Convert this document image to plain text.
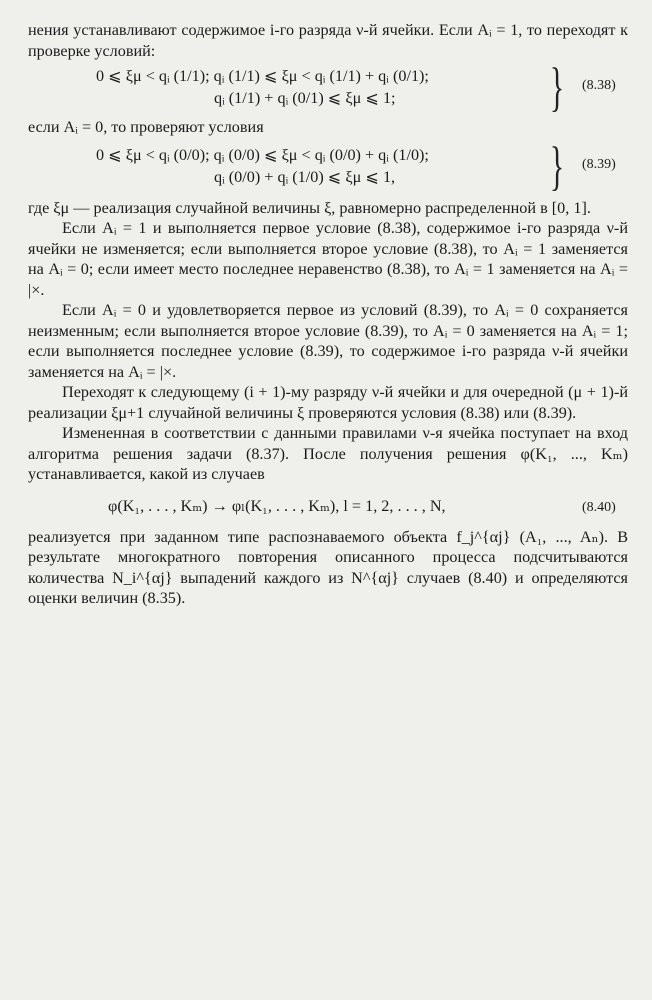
нения устанавливают содержимое i-го разряда ν-й ячейки. Если Aᵢ = 1, то переходят к проверке условий:

0 ⩽ ξμ < qᵢ (1/1); qᵢ (1/1) ⩽ ξμ < qᵢ (1/1) + qᵢ (0/1);
qᵢ (1/1) + qᵢ (0/1) ⩽ ξμ ⩽ 1;	} (8.38)

если Aᵢ = 0, то проверяют условия

0 ⩽ ξμ < qᵢ (0/0); qᵢ (0/0) ⩽ ξμ < qᵢ (0/0) + qᵢ (1/0);
qᵢ (0/0) + qᵢ (1/0) ⩽ ξμ ⩽ 1,	} (8.39)

где ξμ — реализация случайной величины ξ, равномерно распределенной в [0, 1].

Если Aᵢ = 1 и выполняется первое условие (8.38), содержимое i-го разряда ν-й ячейки не изменяется; если выполняется второе условие (8.38), то Aᵢ = 1 заменяется на Aᵢ = 0; если имеет место последнее неравенство (8.38), то Aᵢ = 1 заменяется на Aᵢ = |×.

Если Aᵢ = 0 и удовлетворяется первое из условий (8.39), то Aᵢ = 0 сохраняется неизменным; если выполняется второе условие (8.39), то Aᵢ = 0 заменяется на Aᵢ = 1; если выполняется последнее условие (8.39), то содержимое i-го разряда ν-й ячейки заменяется на Aᵢ = |×.

Переходят к следующему (i + 1)-му разряду ν-й ячейки и для очередной (μ + 1)-й реализации ξμ+1 случайной величины ξ проверяются условия (8.38) или (8.39).

Измененная в соответствии с данными правилами ν-я ячейка поступает на вход алгоритма решения задачи (8.37). После получения решения φ(K₁, ..., Kₘ) устанавливается, какой из случаев

φ(K₁, . . . , Kₘ) → φₗ(K₁, . . . , Kₘ), l = 1, 2, . . . , N,	(8.40)

реализуется при заданном типе распознаваемого объекта f_j^{αj} (A₁, ..., Aₙ). В результате многократного повторения описанного процесса подсчитываются количества N_i^{αj} выпадений каждого из N^{αj} случаев (8.40) и определяются оценки величин (8.35).
